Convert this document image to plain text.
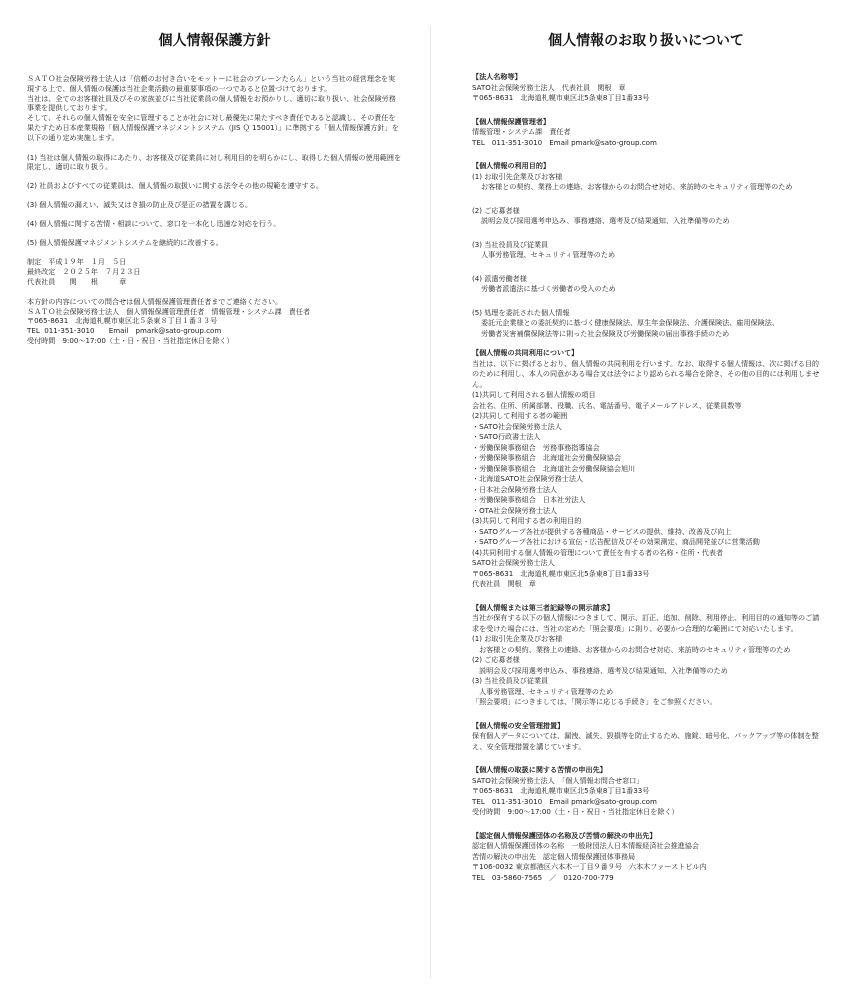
個人情報保護方針

ＳＡＴＯ社会保険労務士法人は「信頼のお付き合いをモットーに社会のブレーンたらん」という当社の経営理念を実現する上で、個人情報の保護は当社企業活動の最重要事項の一つであると位置づけております。

当社は、全てのお客様社員及びその家族並びに当社従業員の個人情報をお預かりし、適切に取り扱い、社会保険労務事業を提供しております。

そして、それらの個人情報を安全に管理することが社会に対し最優先に果たすべき責任であると認識し、その責任を果たすため日本産業規格「個人情報保護マネジメントシステム（JIS Ｑ 15001）」に準拠する「個人情報保護方針」を以下の通り定め実施します。

(1) 当社は個人情報の取得にあたり、お客様及び従業員に対し利用目的を明らかにし、取得した個人情報の使用範囲を限定し、適切に取り扱う。

(2) 社員およびすべての従業員は、個人情報の取扱いに関する法令その他の規範を遵守する。

(3) 個人情報の漏えい、滅失又はき損の防止及び是正の措置を講じる。

(4) 個人情報に関する苦情・相談について、窓口を一本化し迅速な対応を行う。

(5) 個人情報保護マネジメントシステムを継続的に改善する。

制定　平成１９年　１月　５日

最終改定　２０２５年　７月２３日

代表社員　　関　　根　　　章

本方針の内容についての問合せは個人情報保護管理責任者までご連絡ください。

ＳＡＴＯ社会保険労務士法人　個人情報保護管理責任者　情報管理・システム課　責任者

〒065-8631　北海道札幌市東区北５条東８丁目１番３３号

TEL  011-351-3010　　Email　pmark@sato-group.com

受付時間　9:00〜17:00（土・日・祝日・当社指定休日を除く）

個人情報のお取り扱いについて

【法人名称等】

SATO社会保険労務士法人　代表社員　関根　章

〒065-8631　北海道札幌市東区北5条東8丁目1番33号

【個人情報保護管理者】

情報管理・システム課　責任者

TEL　011-351-3010　Email pmark@sato-group.com

【個人情報の利用目的】

(1) お取引先企業及びお客様

お客様との契約、業務上の連絡、お客様からのお問合せ対応、来訪時のセキュリティ管理等のため

(2) ご応募者様

説明会及び採用選考申込み、事務連絡、選考及び結果通知、入社準備等のため

(3) 当社役員及び従業員

人事労務管理、セキュリティ管理等のため

(4) 派遣労働者様

労働者派遣法に基づく労働者の受入のため

(5) 処理を委託された個人情報

委託元企業様との委託契約に基づく健康保険法、厚生年金保険法、介護保険法、雇用保険法、

労働者災害補償保険法等に則った社会保険及び労働保険の届出事務手続のため

【個人情報の共同利用について】

当社は、以下に掲げるとおり、個人情報の共同利用を行います。なお、取得する個人情報は、次に掲げる目的のために利用し、本人の同意がある場合又は法令により認められる場合を除き、その他の目的には利用しません。

(1)共同して利用される個人情報の項目

会社名、住所、所属部署、役職、氏名、電話番号、電子メールアドレス、従業員数等

(2)共同して利用する者の範囲

・SATO社会保険労務士法人

・SATO行政書士法人

・労働保険事務組合　労務事務指導協会

・労働保険事務組合　北海道社会労働保険協会

・労働保険事務組合　北海道社会労働保険協会旭川

・北海道SATO社会保険労務士法人

・日本社会保険労務士法人

・労働保険事務組合　日本社労法人

・OTA社会保険労務士法人

(3)共同して利用する者の利用目的

・SATOグループ各社が提供する各種商品・サービスの提供、維持、改善及び向上

・SATOグループ各社における宣伝・広告配信及びその効果測定、商品開発並びに営業活動

(4)共同利用する個人情報の管理について責任を有する者の名称・住所・代表者

SATO社会保険労務士法人

〒065-8631　北海道札幌市東区北5条東8丁目1番33号

代表社員　関根　章

【個人情報または第三者記録等の開示請求】

当社が保有する以下の個人情報につきまして、開示、訂正、追加、削除、利用停止、利用目的の通知等のご請求を受けた場合には、当社の定めた「照会要項」に則り、必要かつ合理的な範囲にて対応いたします。

(1) お取引先企業及びお客様

　お客様との契約、業務上の連絡、お客様からのお問合せ対応、来訪時のセキュリティ管理等のため

(2) ご応募者様

　説明会及び採用選考申込み、事務連絡、選考及び結果通知、入社準備等のため

(3) 当社役員及び従業員

　人事労務管理、セキュリティ管理等のため

「照会要項」につきましては、「開示等に応じる手続き」をご参照ください。

【個人情報の安全管理措置】

保有個人データについては、漏洩、滅失、毀損等を防止するため、施錠、暗号化、バックアップ等の体制を整え、安全管理措置を講じています。

【個人情報の取扱に関する苦情の申出先】

SATO社会保険労務士法人　「個人情報お問合せ窓口」

〒065-8631　北海道札幌市東区北5条東8丁目1番33号

TEL　011-351-3010　Email pmark@sato-group.com

受付時間　9:00〜17:00（土・日・祝日・当社指定休日を除く）

【認定個人情報保護団体の名称及び苦情の解決の申出先】

認定個人情報保護団体の名称　一般財団法人日本情報経済社会推進協会

苦情の解決の申出先　認定個人情報保護団体事務局

〒106-0032 東京都港区六本木一丁目９番９号　六本木ファーストビル内

TEL　03-5860-7565　／　0120-700-779
